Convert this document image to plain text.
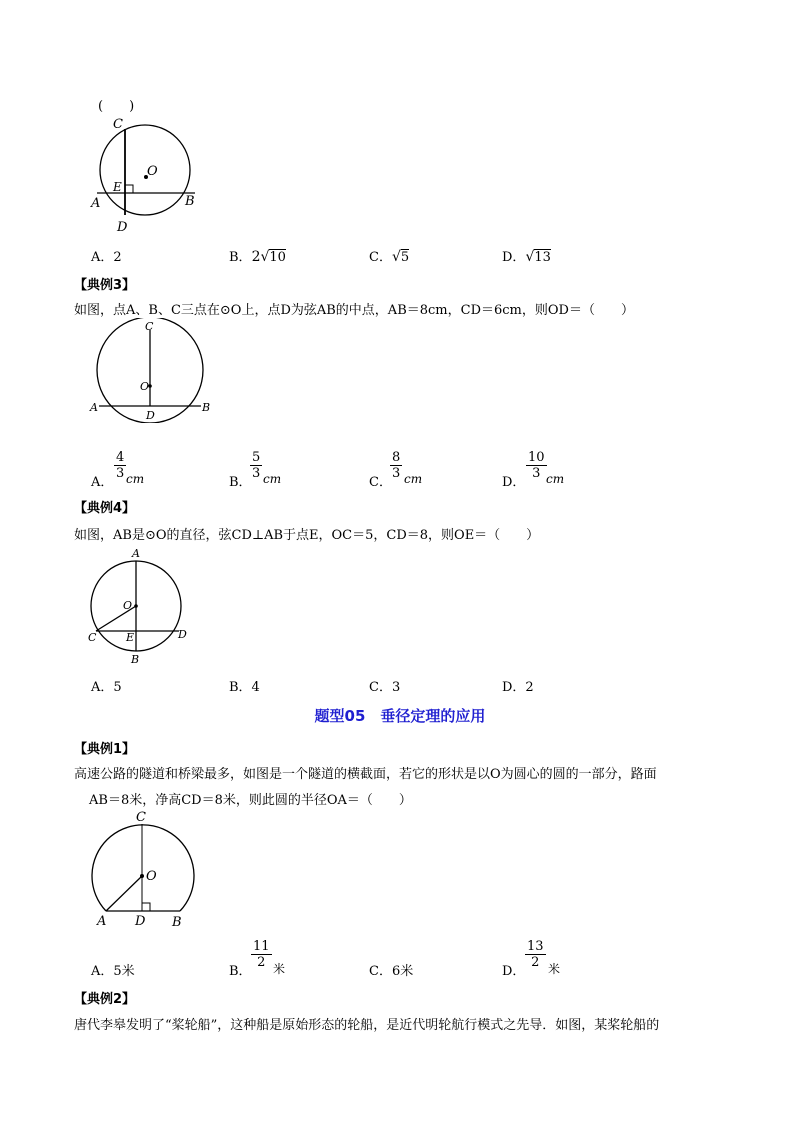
(　　)
C
O
E
A	B
D
A．2	B．2√10	C．√5	D．√13
【典例3】
如图，点A、B、C三点在⊙O上，点D为弦AB的中点，AB＝8cm，CD＝6cm，则OD＝（　　）
C
O
A
D
B
A．
$\frac{4}{3}$ cm	B．
$\frac{5}{3}$ cm	C．
$\frac{8}{3}$ cm	D．
$\frac{10}{3}$ cm
【典例4】
如图，AB是⊙O的直径，弦CD⊥AB于点E，OC＝5，CD＝8，则OE＝（　　）
A
O
C	E	D
B
A．5	B．4	C．3	D．2
题型05　垂径定理的应用
【典例1】
高速公路的隧道和桥梁最多，如图是一个隧道的横截面，若它的形状是以O为圆心的圆的一部分，路面
AB＝8米，净高CD＝8米，则此圆的半径OA＝（　　）
C
O
A D B
A．5米	B．
$\frac{11}{2}$ 米	C．6米	D．
$\frac{13}{2}$ 米
【典例2】
唐代李皋发明了“桨轮船”，这种船是原始形态的轮船，是近代明轮航行模式之先导．如图，某桨轮船的
